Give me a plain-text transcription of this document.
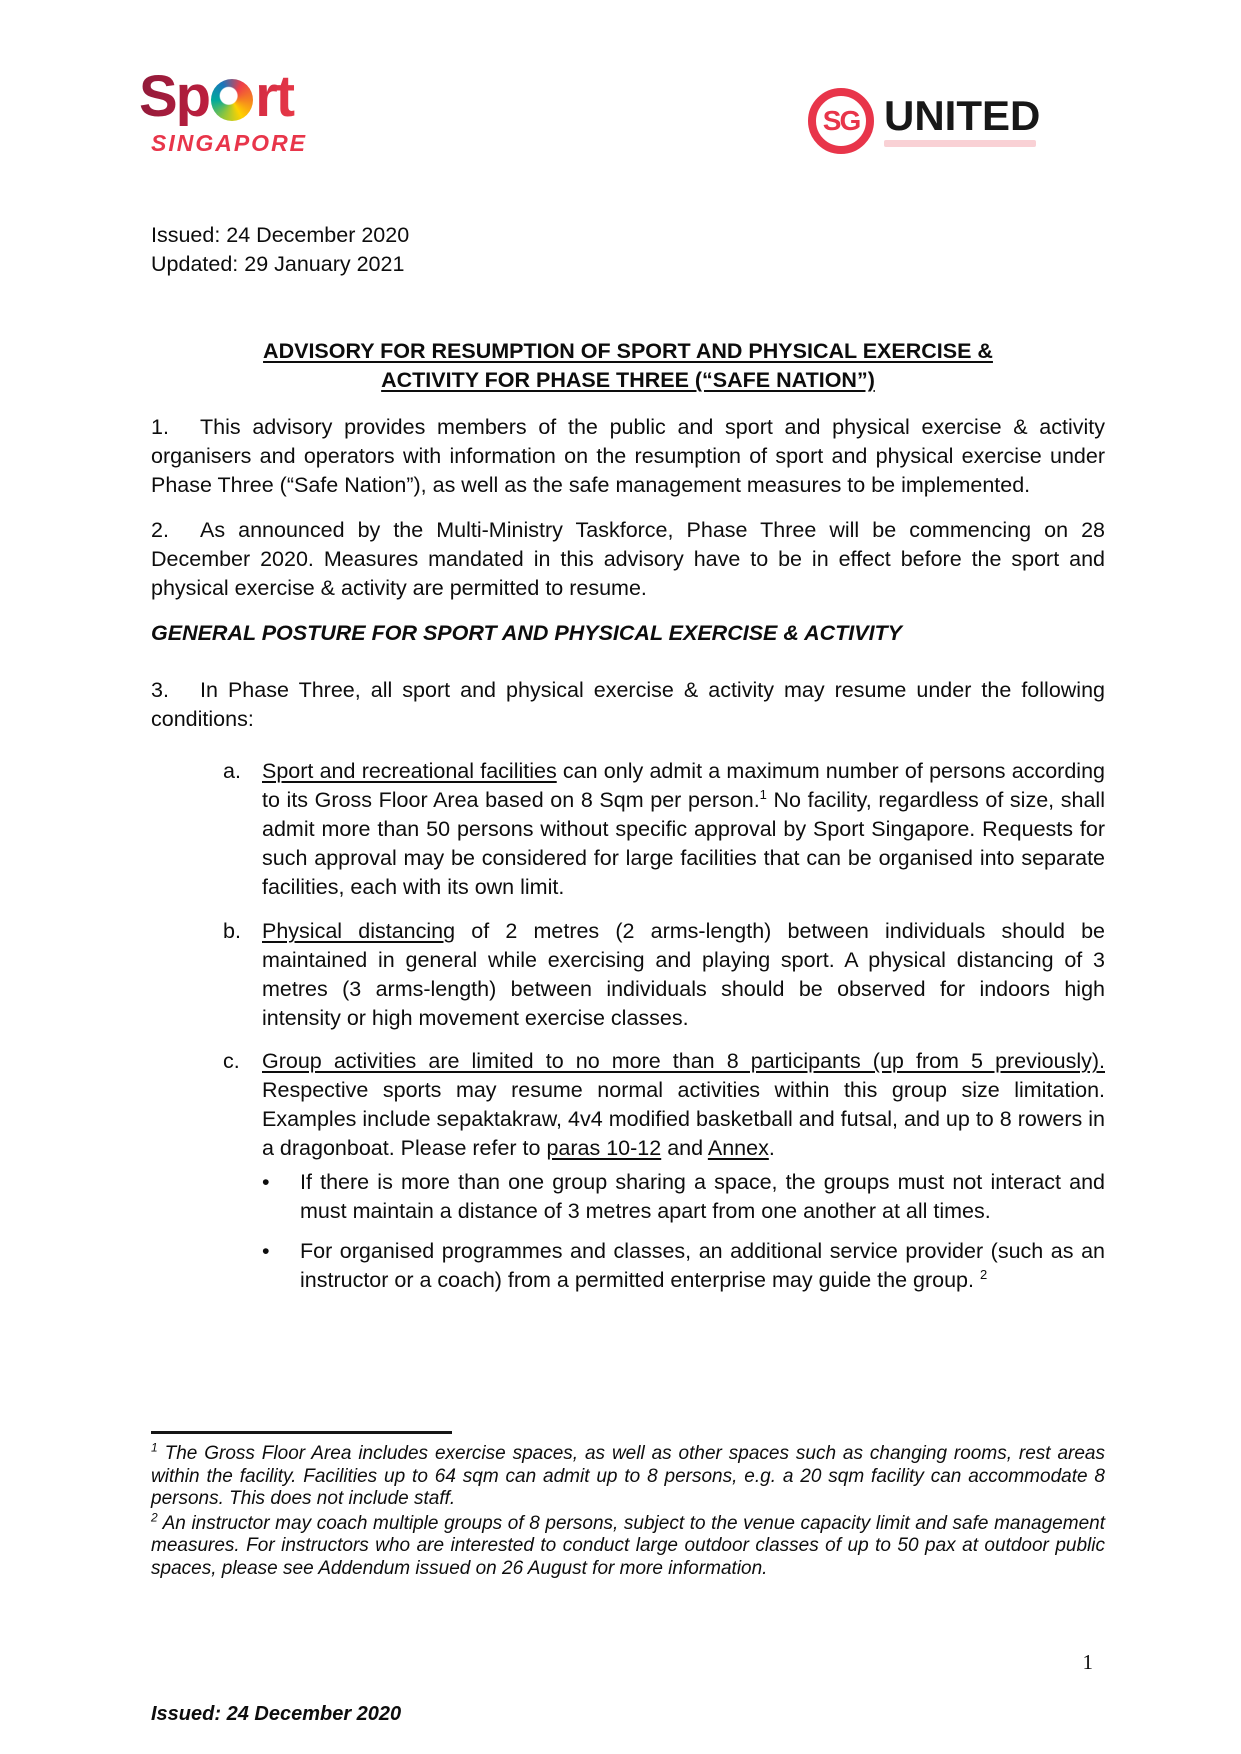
Sp rt
SINGAPORE
SG UNITED
Issued: 24 December 2020
Updated: 29 January 2021
ADVISORY FOR RESUMPTION OF SPORT AND PHYSICAL EXERCISE &
ACTIVITY FOR PHASE THREE (“SAFE NATION”)
1. This advisory provides members of the public and sport and physical exercise & activity organisers and operators with information on the resumption of sport and physical exercise under Phase Three (“Safe Nation”), as well as the safe management measures to be implemented.
2. As announced by the Multi-Ministry Taskforce, Phase Three will be commencing on 28 December 2020. Measures mandated in this advisory have to be in effect before the sport and physical exercise & activity are permitted to resume.
GENERAL POSTURE FOR SPORT AND PHYSICAL EXERCISE & ACTIVITY
3. In Phase Three, all sport and physical exercise & activity may resume under the following conditions:
a. Sport and recreational facilities can only admit a maximum number of persons according to its Gross Floor Area based on 8 Sqm per person.$^1$ No facility, regardless of size, shall admit more than 50 persons without specific approval by Sport Singapore. Requests for such approval may be considered for large facilities that can be organised into separate facilities, each with its own limit.
b. Physical distancing of 2 metres (2 arms-length) between individuals should be maintained in general while exercising and playing sport. A physical distancing of 3 metres (3 arms-length) between individuals should be observed for indoors high intensity or high movement exercise classes.
c.	Group activities are limited to no more than 8 participants (up from 5 previously). Respective sports may resume normal activities within this group size limitation. Examples include sepaktakraw, 4v4 modified basketball and futsal, and up to 8 rowers in a dragonboat. Please refer to paras 10-12 and Annex.
•	If there is more than one group sharing a space, the groups must not interact and must maintain a distance of 3 metres apart from one another at all times.
•	For organised programmes and classes, an additional service provider (such as an instructor or a coach) from a permitted enterprise may guide the group. $^2$
$^1$ The Gross Floor Area includes exercise spaces, as well as other spaces such as changing rooms, rest areas within the facility. Facilities up to 64 sqm can admit up to 8 persons, e.g. a 20 sqm facility can accommodate 8 persons. This does not include staff.
$^2$ An instructor may coach multiple groups of 8 persons, subject to the venue capacity limit and safe management measures. For instructors who are interested to conduct large outdoor classes of up to 50 pax at outdoor public spaces, please see Addendum issued on 26 August for more information.
1
Issued: 24 December 2020
